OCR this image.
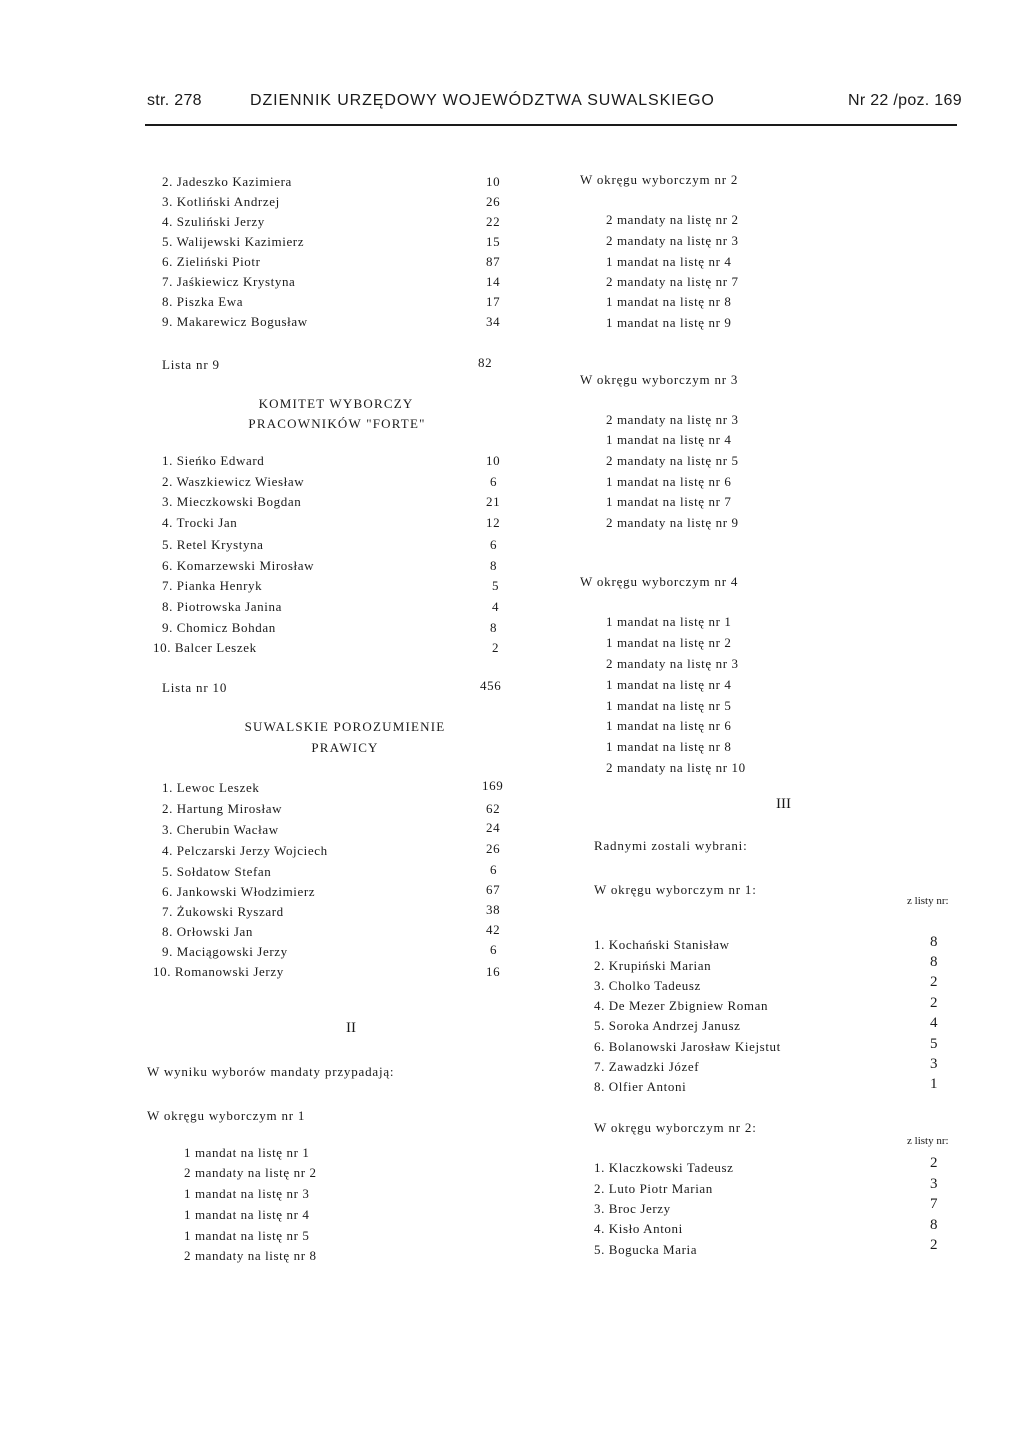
str. 278	DZIENNIK URZĘDOWY WOJEWÓDZTWA SUWALSKIEGO	Nr 22 /poz. 169
2. Jadeszko Kazimiera	10
3. Kotliński Andrzej	26
4. Szuliński Jerzy	22
5. Walijewski Kazimierz	15
6. Zieliński Piotr	87
7. Jaśkiewicz Krystyna	14
8. Piszka Ewa	17
9. Makarewicz Bogusław	34
Lista nr 9	82
KOMITET WYBORCZY
PRACOWNIKÓW "FORTE"
1. Sieńko Edward	10
2. Waszkiewicz Wiesław	6
3. Mieczkowski Bogdan	21
4. Trocki Jan	12
5. Retel Krystyna	6
6. Komarzewski Mirosław	8
7. Pianka Henryk	5
8. Piotrowska Janina	4
9. Chomicz Bohdan	8
10. Balcer Leszek	2
Lista nr 10	456
SUWALSKIE POROZUMIENIE
PRAWICY
1. Lewoc Leszek	169
2. Hartung Mirosław	62
3. Cherubin Wacław	24
4. Pelczarski Jerzy Wojciech	26
5. Sołdatow Stefan	6
6. Jankowski Włodzimierz	67
7. Żukowski Ryszard	38
8. Orłowski Jan	42
9. Maciągowski Jerzy	6
10. Romanowski Jerzy	16
II
W wyniku wyborów mandaty przypadają:
W okręgu wyborczym nr 1
1 mandat na listę nr 1
2 mandaty na listę nr 2
1 mandat na listę nr 3
1 mandat na listę nr 4
1 mandat na listę nr 5
2 mandaty na listę nr 8
W okręgu wyborczym nr 2
2 mandaty na listę nr 2
2 mandaty na listę nr 3
1 mandat na listę nr 4
2 mandaty na listę nr 7
1 mandat na listę nr 8
1 mandat na listę nr 9
W okręgu wyborczym nr 3
2 mandaty na listę nr 3
1 mandat na listę nr 4
2 mandaty na listę nr 5
1 mandat na listę nr 6
1 mandat na listę nr 7
2 mandaty na listę nr 9
W okręgu wyborczym nr 4
1 mandat na listę nr 1
1 mandat na listę nr 2
2 mandaty na listę nr 3
1 mandat na listę nr 4
1 mandat na listę nr 5
1 mandat na listę nr 6
1 mandat na listę nr 8
2 mandaty na listę nr 10
III
Radnymi zostali wybrani:
W okręgu wyborczym nr 1:
z listy nr:
1. Kochański Stanisław	8
2. Krupiński Marian	8
3. Cholko Tadeusz	2
4. De Mezer Zbigniew Roman	2
5. Soroka Andrzej Janusz	4
6. Bolanowski Jarosław Kiejstut	5
7. Zawadzki Józef	3
8. Olfier Antoni	1
W okręgu wyborczym nr 2:
z listy nr:
1. Klaczkowski Tadeusz	2
2. Luto Piotr Marian	3
3. Broc Jerzy	7
4. Kisło Antoni	8
5. Bogucka Maria	2
